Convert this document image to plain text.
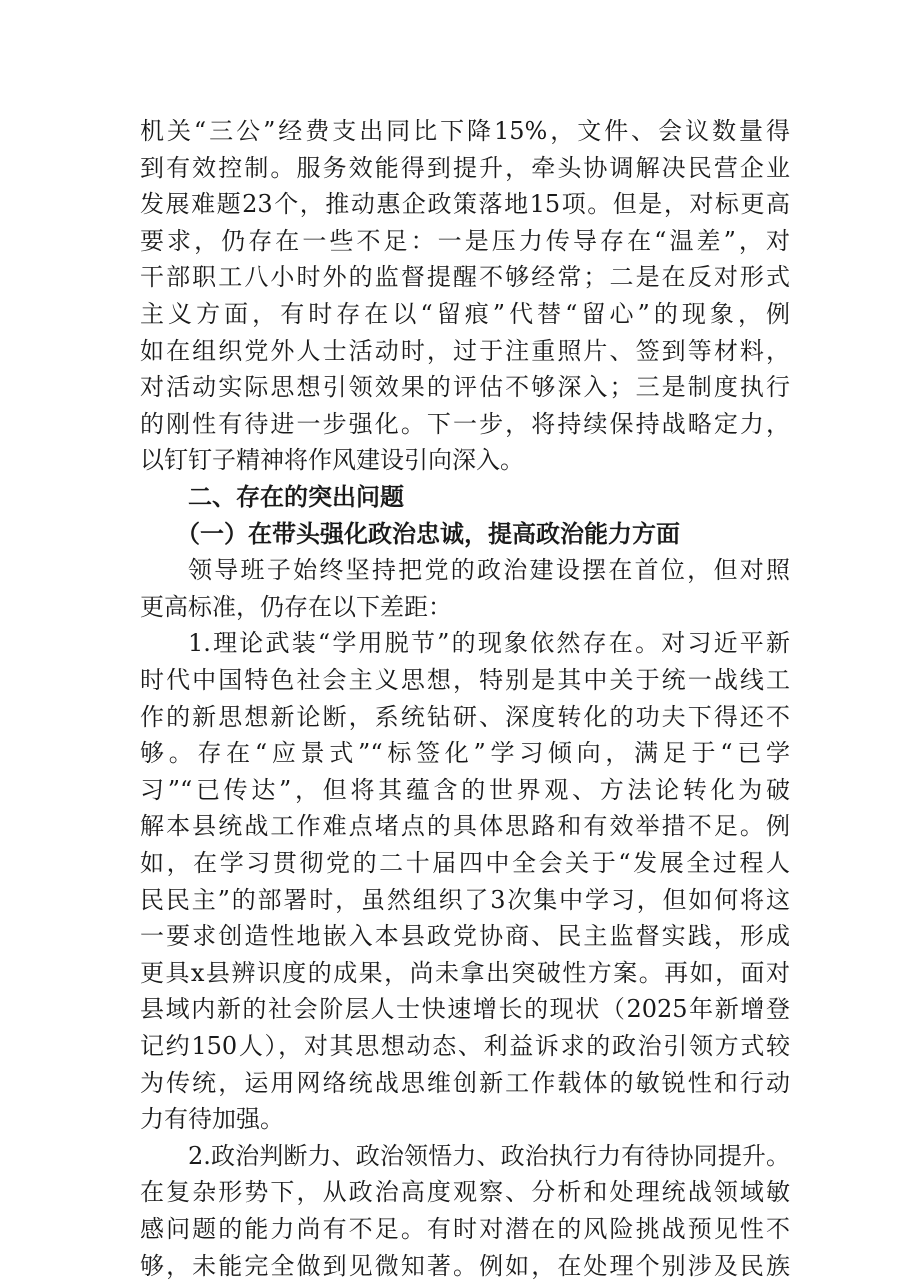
机关“三公”经费支出同比下降15%，文件、会议数量得
到有效控制。服务效能得到提升，牵头协调解决民营企业
发展难题23个，推动惠企政策落地15项。但是，对标更高
要求，仍存在一些不足：一是压力传导存在“温差”，对
干部职工八小时外的监督提醒不够经常；二是在反对形式
主义方面，有时存在以“留痕”代替“留心”的现象，例
如在组织党外人士活动时，过于注重照片、签到等材料，
对活动实际思想引领效果的评估不够深入；三是制度执行
的刚性有待进一步强化。下一步，将持续保持战略定力，
以钉钉子精神将作风建设引向深入。
二、存在的突出问题
（一）在带头强化政治忠诚，提高政治能力方面
领导班子始终坚持把党的政治建设摆在首位，但对照
更高标准，仍存在以下差距：
1.理论武装“学用脱节”的现象依然存在。对习近平新
时代中国特色社会主义思想，特别是其中关于统一战线工
作的新思想新论断，系统钻研、深度转化的功夫下得还不
够。存在“应景式”“标签化”学习倾向，满足于“已学
习”“已传达”，但将其蕴含的世界观、方法论转化为破
解本县统战工作难点堵点的具体思路和有效举措不足。例
如，在学习贯彻党的二十届四中全会关于“发展全过程人
民民主”的部署时，虽然组织了3次集中学习，但如何将这
一要求创造性地嵌入本县政党协商、民主监督实践，形成
更具x县辨识度的成果，尚未拿出突破性方案。再如，面对
县域内新的社会阶层人士快速增长的现状（2025年新增登
记约150人），对其思想动态、利益诉求的政治引领方式较
为传统，运用网络统战思维创新工作载体的敏锐性和行动
力有待加强。
2.政治判断力、政治领悟力、政治执行力有待协同提升。
在复杂形势下，从政治高度观察、分析和处理统战领域敏
感问题的能力尚有不足。有时对潜在的风险挑战预见性不
够，未能完全做到见微知著。例如，在处理个别涉及民族
